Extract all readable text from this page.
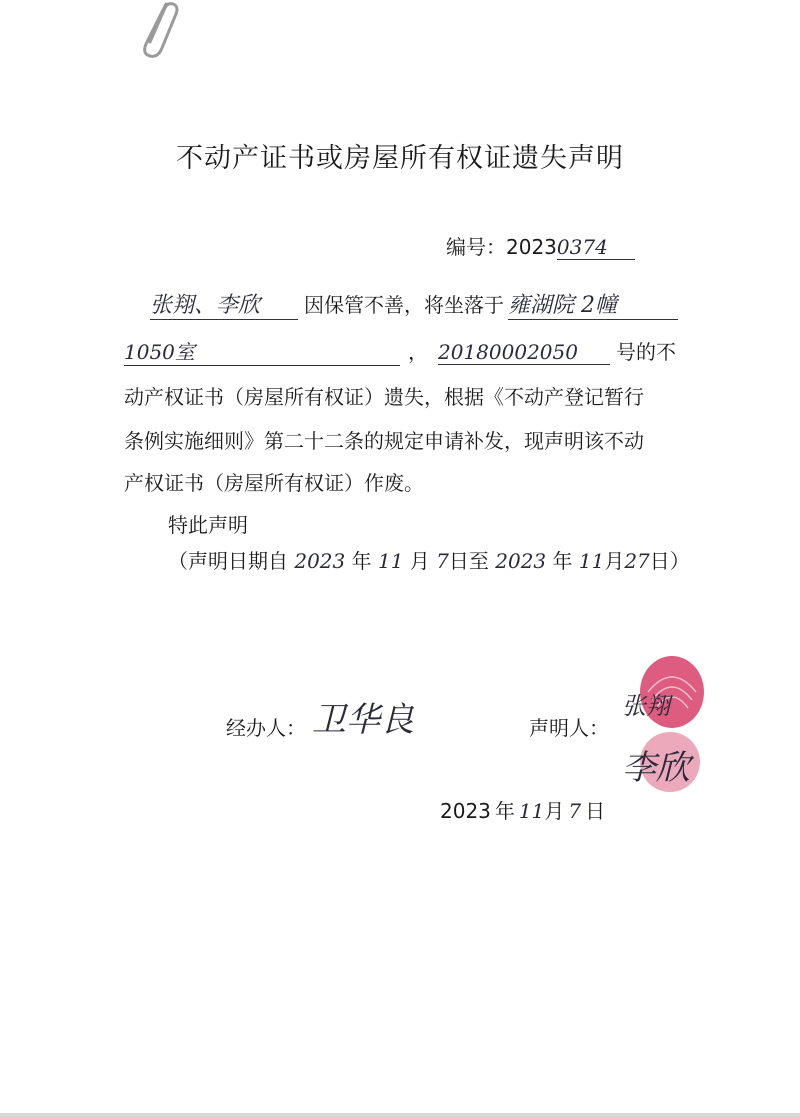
不动产证书或房屋所有权证遗失声明
编号：20230374
张翔、李欣 因保管不善，将坐落于 雍湖院 2幢
1050室	， 20180002050 号的不
动产权证书（房屋所有权证）遗失，根据《不动产登记暂行
条例实施细则》第二十二条的规定申请补发，现声明该不动
产权证书（房屋所有权证）作废。
特此声明
（声明日期自 2023 年 11 月 7日至 2023 年 11月27日）
经办人： 卫华良	声明人：
张翔
李欣
2023 年 11月 7 日
